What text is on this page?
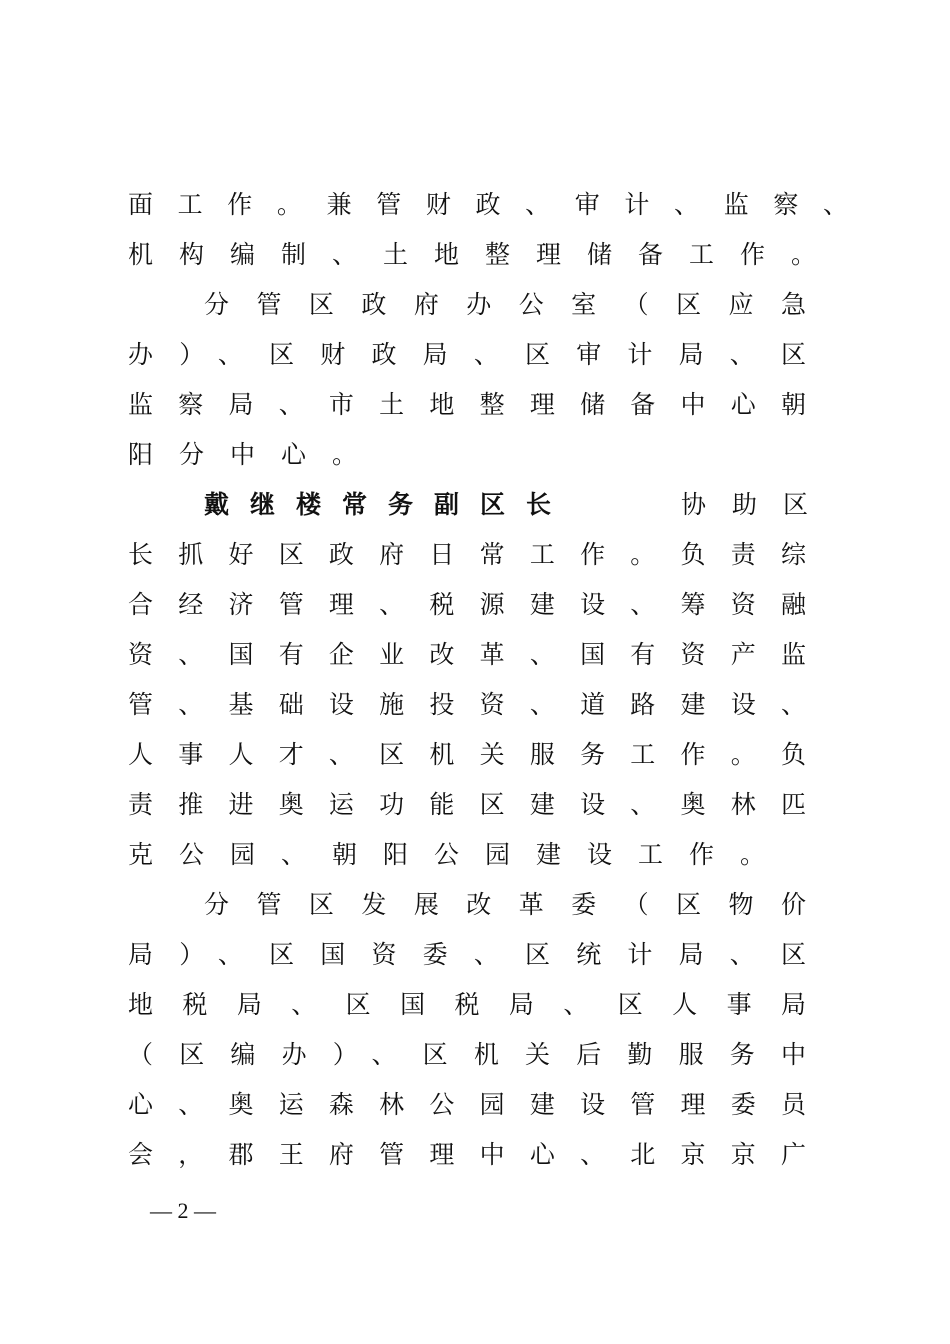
面工作。兼管财政、审计、监察、
机构编制、土地整理储备工作。
分管区政府办公室（区应急
办）、区财政局、区审计局、区
监察局、市土地整理储备中心朝
阳分中心。
戴继楼常务副区长	协助区
长抓好区政府日常工作。负责综
合经济管理、税源建设、筹资融
资、国有企业改革、国有资产监
管、基础设施投资、道路建设、
人事人才、区机关服务工作。负
责推进奥运功能区建设、奥林匹
克公园、朝阳公园建设工作。
分管区发展改革委（区物价
局）、区国资委、区统计局、区
地税局、区国税局、区人事局
（区编办）、区机关后勤服务中
心、奥运森林公园建设管理委员
会，郡王府管理中心、北京京广
— 2 —
